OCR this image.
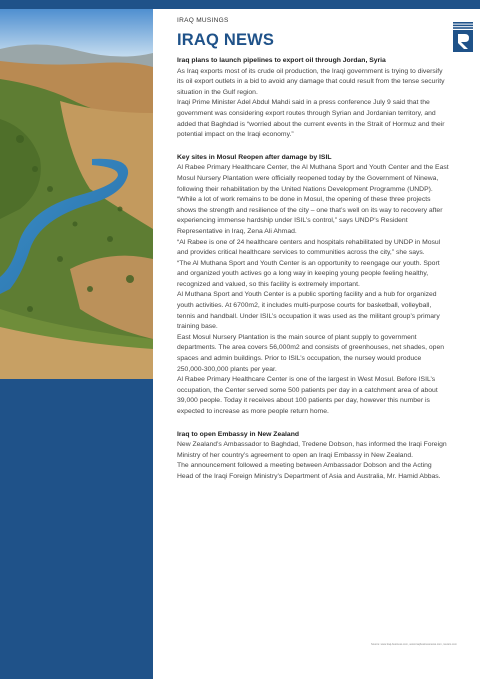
IRAQ MUSINGS
IRAQ NEWS

Iraq plans to launch pipelines to export oil through Jordan, Syria

As Iraq exports most of its crude oil production, the Iraqi government is trying to diversify its oil export outlets in a bid to avoid any damage that could result from the tense security situation in the Gulf region.

Iraqi Prime Minister Adel Abdul Mahdi said in a press conference July 9 said that the government was considering export routes through Syrian and Jordanian territory, and added that Baghdad is “worried about the current events in the Strait of Hormuz and their potential impact on the Iraqi economy.”

Key sites in Mosul Reopen after damage by ISIL

Al Rabee Primary Healthcare Center, the Al Muthana Sport and Youth Center and the East Mosul Nursery Plantation were officially reopened today by the Government of Ninewa, following their rehabilitation by the United Nations Development Programme (UNDP).

“While a lot of work remains to be done in Mosul, the opening of these three projects shows the strength and resilience of the city – one that’s well on its way to recovery after experiencing immense hardship under ISIL’s control,” says UNDP’s Resident Representative in Iraq, Zena Ali Ahmad.

“Al Rabee is one of 24 healthcare centers and hospitals rehabilitated by UNDP in Mosul and provides critical healthcare services to communities across the city,” she says.

“The Al Muthana Sport and Youth Center is an opportunity to reengage our youth. Sport and organized youth actives go a long way in keeping young people feeling healthy, recognized and valued, so this facility is extremely important.

Al Muthana Sport and Youth Center is a public sporting facility and a hub for organized youth activities. At 6700m2, it includes multi-purpose courts for basketball, volleyball, tennis and handball. Under ISIL’s occupation it was used as the militant group’s primary training base.

East Mosul Nursery Plantation is the main source of plant supply to government departments. The area covers 56,000m2 and consists of greenhouses, net shades, open spaces and admin buildings. Prior to ISIL’s occupation, the nursey would produce 250,000-300,000 plants per year.

Al Rabee Primary Healthcare Center is one of the largest in West Mosul. Before ISIL’s occupation, the Center served some 500 patients per day in a catchment area of about 39,000 people. Today it receives about 100 patients per day, however this number is expected to increase as more people return home.

Iraq to open Embassy in New Zealand

New Zealand’s Ambassador to Baghdad, Tredene Dobson, has informed the Iraqi Foreign Ministry of her country’s agreement to open an Iraqi Embassy in New Zealand.

The announcement followed a meeting between Ambassador Dobson and the Acting Head of the Iraqi Foreign Ministry’s Department of Asia and Australia, Mr. Hamid Abbas.

Source: www.iraq-business.com, www.iraqbusinessnews.com, reuters.com
